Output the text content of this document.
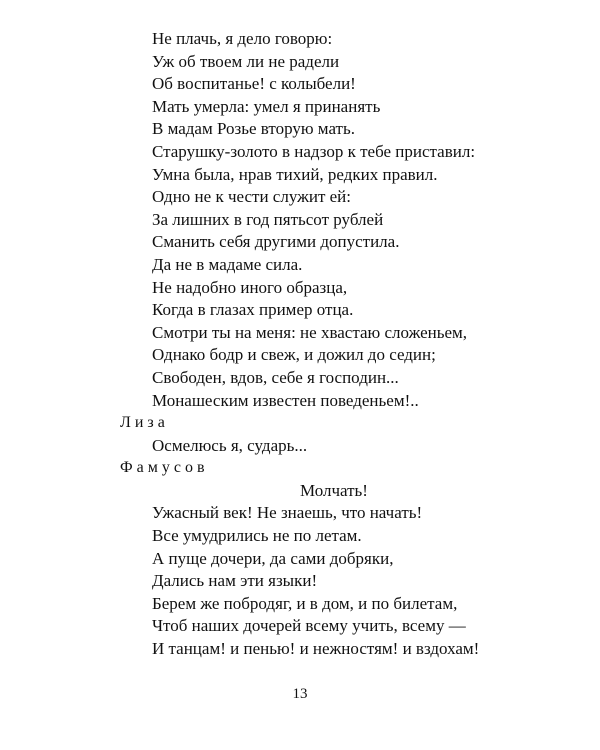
Не плачь, я дело говорю:
Уж об твоем ли не радели
Об воспитанье! с колыбели!
Мать умерла: умел я принанять
В мадам Розье вторую мать.
Старушку-золото в надзор к тебе приставил:
Умна была, нрав тихий, редких правил.
Одно не к чести служит ей:
За лишних в год пятьсот рублей
Сманить себя другими допустила.
Да не в мадаме сила.
Не надобно иного образца,
Когда в глазах пример отца.
Смотри ты на меня: не хвастаю сложеньем,
Однако бодр и свеж, и дожил до седин;
Свободен, вдов, себе я господин...
Монашеским известен поведеньем!..
Лиза
Осмелюсь я, сударь...
Фамусов
Молчать!
Ужасный век! Не знаешь, что начать!
Все умудрились не по летам.
А пуще дочери, да сами добряки,
Дались нам эти языки!
Берем же побродяг, и в дом, и по билетам,
Чтоб наших дочерей всему учить, всему —
И танцам! и пенью! и нежностям! и вздохам!
13
